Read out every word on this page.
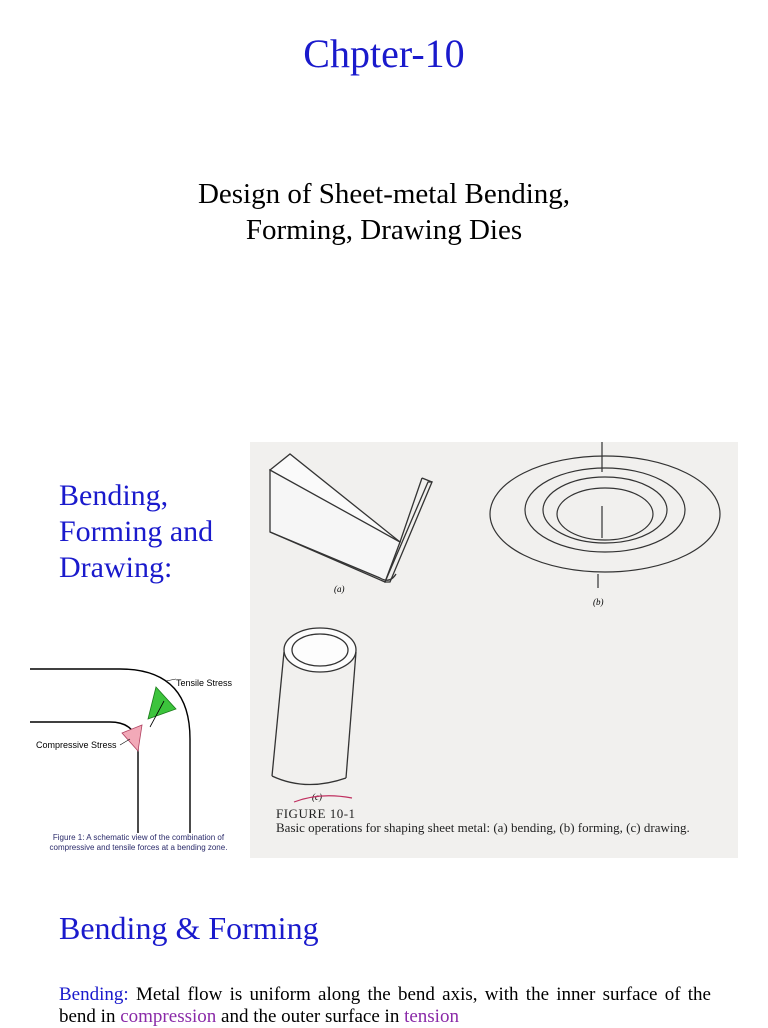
Chpter-10
Design of Sheet-metal Bending,
Forming, Drawing Dies
Bending,
Forming and
Drawing:
(a)
(b)
(c)
FIGURE 10-1
Basic operations for shaping sheet metal: (a) bending, (b) forming, (c) drawing.
Tensile Stress
Compressive Stress
Figure 1: A schematic view of the combination of compressive and tensile forces at a bending zone.
Bending & Forming
Bending: Metal flow is uniform along the bend axis, with the inner surface of the bend in compression and the outer surface in tension
